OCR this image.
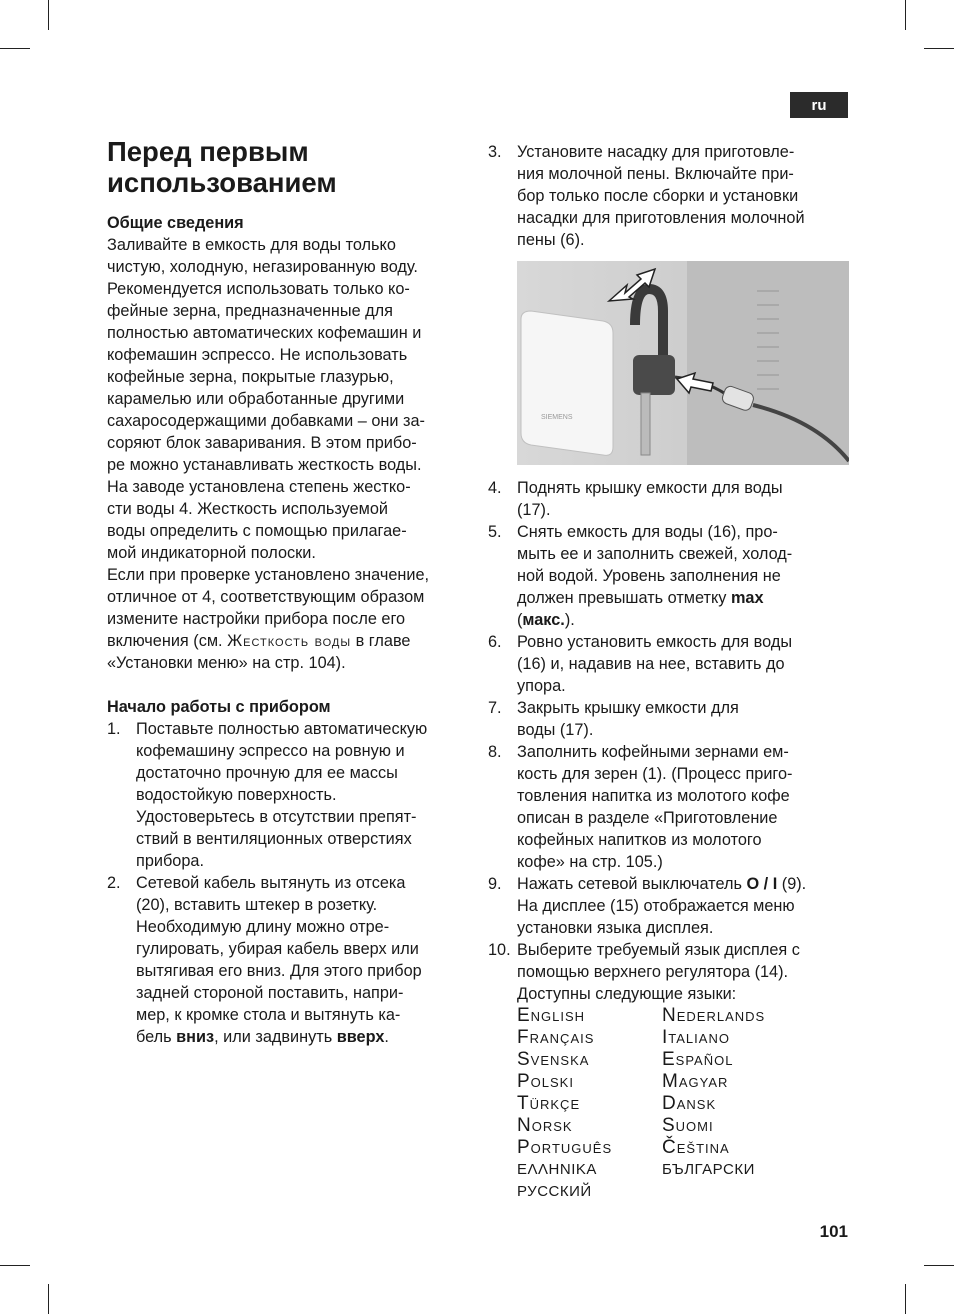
ru
Перед первым
использованием
Общие сведения

Заливайте в емкость для воды только

чистую, холодную, негазированную воду.

Рекомендуется использовать только ко-

фейные зерна, предназначенные для

полностью автоматических кофемашин и

кофемашин эспрессо. Не использовать

кофейные зерна, покрытые глазурью,

карамелью или обработанные другими

сахаросодержащими добавками – они за-

соряют блок заваривания. В этом прибо-

ре можно устанавливать жесткость воды.

На заводе установлена степень жестко-

сти воды 4. Жесткость используемой

воды определить с помощью прилагае-

мой индикаторной полоски.

Если при проверке установлено значение,

отличное от 4, соответствующим образом

измените настройки прибора после его

включения (см. Жесткость воды в главе

«Установки меню» на стр. 104).

Начало работы с прибором
1. Поставьте полностью автоматическую
кофемашину эспрессо на ровную и
достаточно прочную для ее массы
водостойкую поверхность.
Удостоверьтесь в отсутствии препят-
ствий в вентиляционных отверстиях
прибора.
2. Сетевой кабель вытянуть из отсека
(20), вставить штекер в розетку.
Необходимую длину можно отре-
гулировать, убирая кабель вверх или
вытягивая его вниз. Для этого прибор
задней стороной поставить, напри-
мер, к кромке стола и вытянуть ка-
бель вниз, или задвинуть вверх.
3. Установите насадку для приготовле-
ния молочной пены. Включайте при-
бор только после сборки и установки
насадки для приготовления молочной
пены (6).
SIEMENS
4. Поднять крышку емкости для воды
(17).
5. Снять емкость для воды (16), про-
мыть ее и заполнить свежей, холод-
ной водой. Уровень заполнения не
должен превышать отметку max
(макс.).
6. Ровно установить емкость для воды
(16) и, надавив на нее, вставить до
упора.
7. Закрыть крышку емкости для
воды (17).
8. Заполнить кофейными зернами ем-
кость для зерен (1). (Процесс приго-
товления напитка из молотого кофе
описан в разделе «Приготовление
кофейных напитков из молотого
кофе» на стр. 105.)
9. Нажать сетевой выключатель O / I (9).
На дисплее (15) отображается меню
установки языка дисплея.
10. Выберите требуемый язык дисплея с
помощью верхнего регулятора (14).
Доступны следующие языки:
English	Nederlands
Français	Italiano
Svenska	Español
Polski	Magyar
Türkçe	Dansk
Norsk	Suomi
Português	Čeština
ΕΛΛΗΝΙΚΑ	БЪЛГАРСКИ
РУССКИЙ
101
